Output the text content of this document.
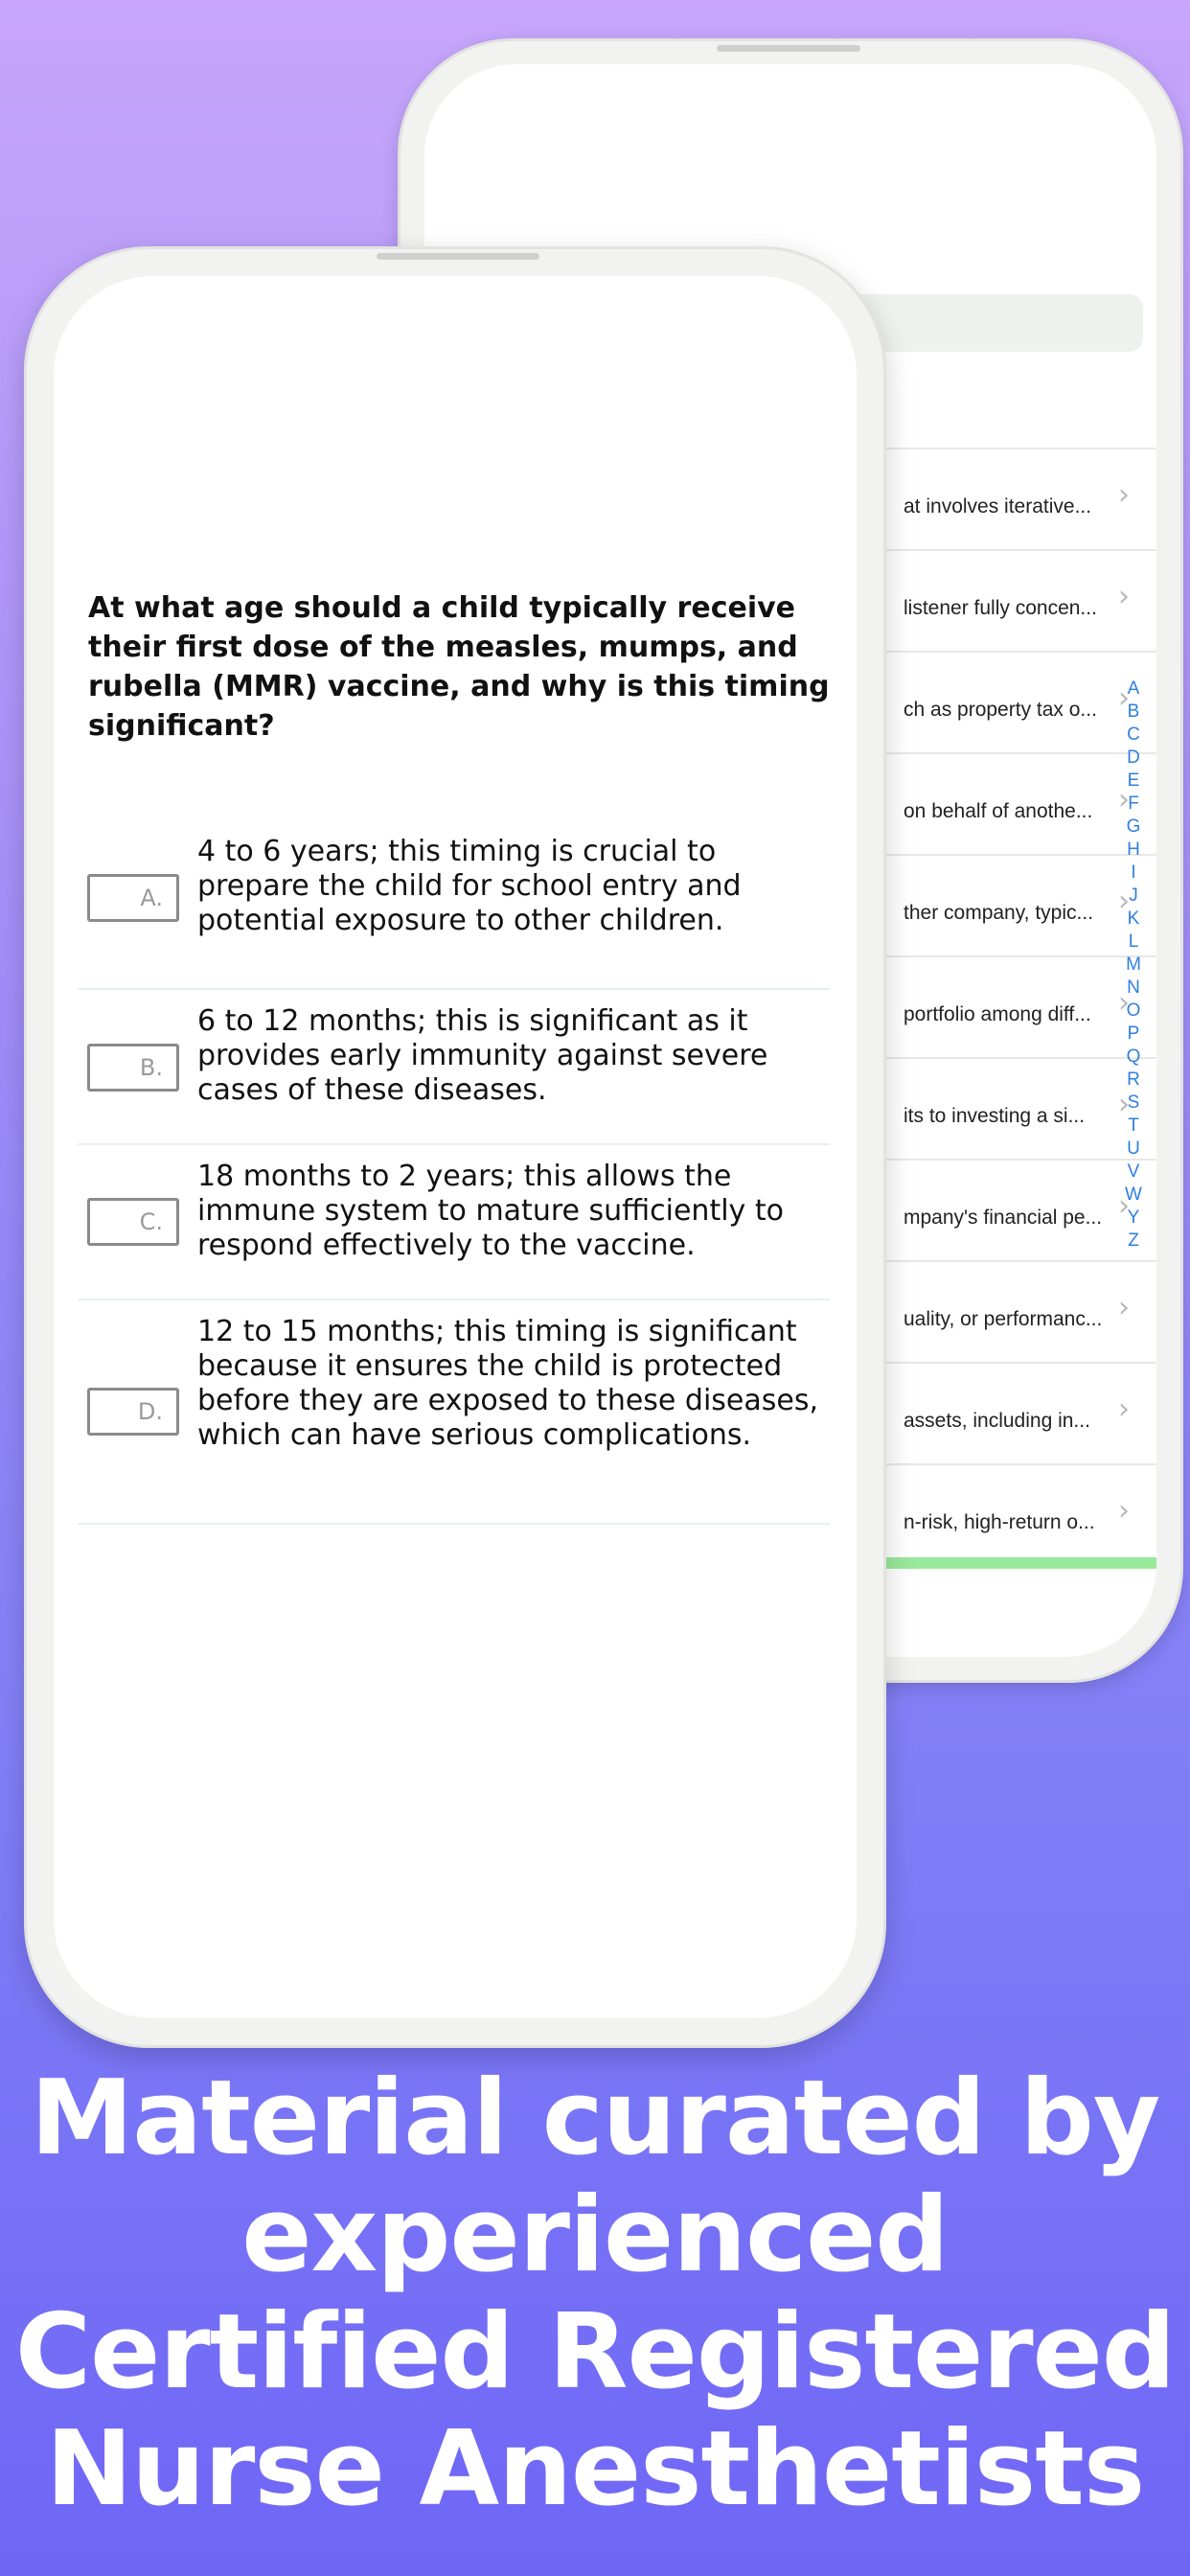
at involves iterative... ›
listener fully concen... ›
ch as property tax o... ›
on behalf of anothe... ›
ther company, typic... ›
portfolio among diff... ›
its to investing a si...	›
mpany's financial pe... ›
uality, or performanc... ›
assets, including in... ›
n-risk, high-return o... ›
A
B
C
D
E
F
G
H
I
J
K
L
M
N
O
P
Q
R
S
T
U
V
W
Y
Z
At what age should a child typically receive their first dose of the measles, mumps, and rubella (MMR) vaccine, and why is this timing significant?
A.
4 to 6 years; this timing is crucial to prepare the child for school entry and potential exposure to other children.
B.
6 to 12 months; this is significant as it provides early immunity against severe cases of these diseases.
C.
18 months to 2 years; this allows the immune system to mature sufficiently to respond effectively to the vaccine.
D.
12 to 15 months; this timing is significant because it ensures the child is protected before they are exposed to these diseases, which can have serious complications.
Material curated by
experienced
Certified Registered
Nurse Anesthetists
